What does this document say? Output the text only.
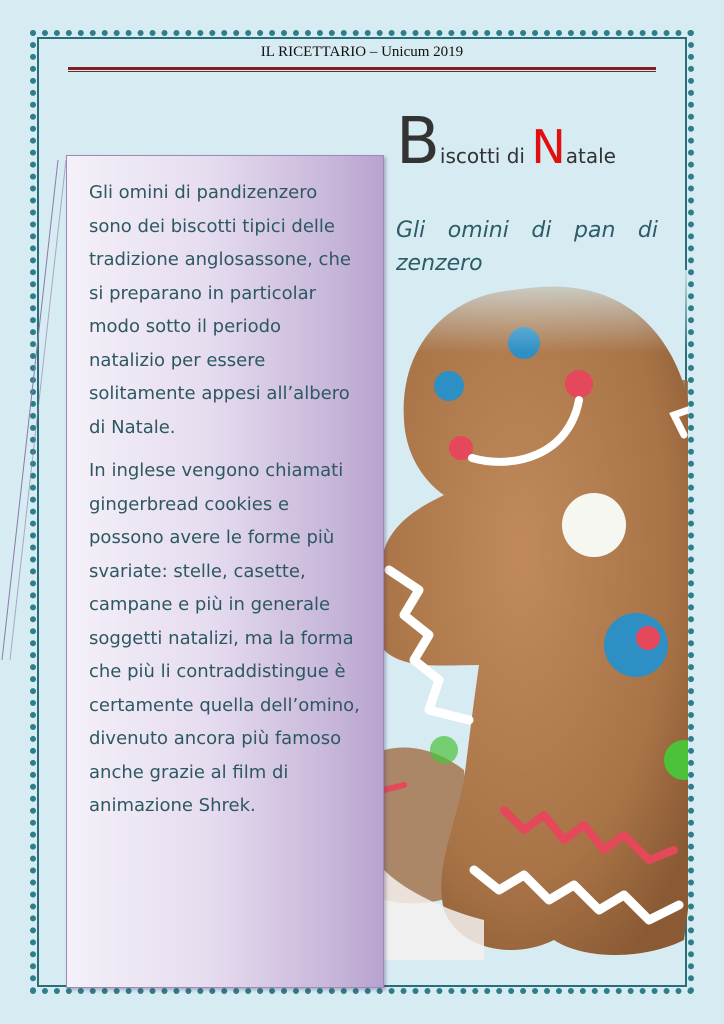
IL RICETTARIO – Unicum 2019
Biscotti di Natale
Gli omini di pan di zenzero

Gli omini di pandizenzero sono dei biscotti tipici delle tradizione anglosassone, che si preparano in particolar modo sotto il periodo natalizio per essere solitamente appesi all’albero di Natale.

In inglese vengono chiamati gingerbread cookies e possono avere le forme più svariate: stelle, casette, campane e più in generale soggetti natalizi, ma la forma che più li contraddistingue è certamente quella dell’omino, divenuto ancora più famoso anche grazie al film di animazione Shrek.
